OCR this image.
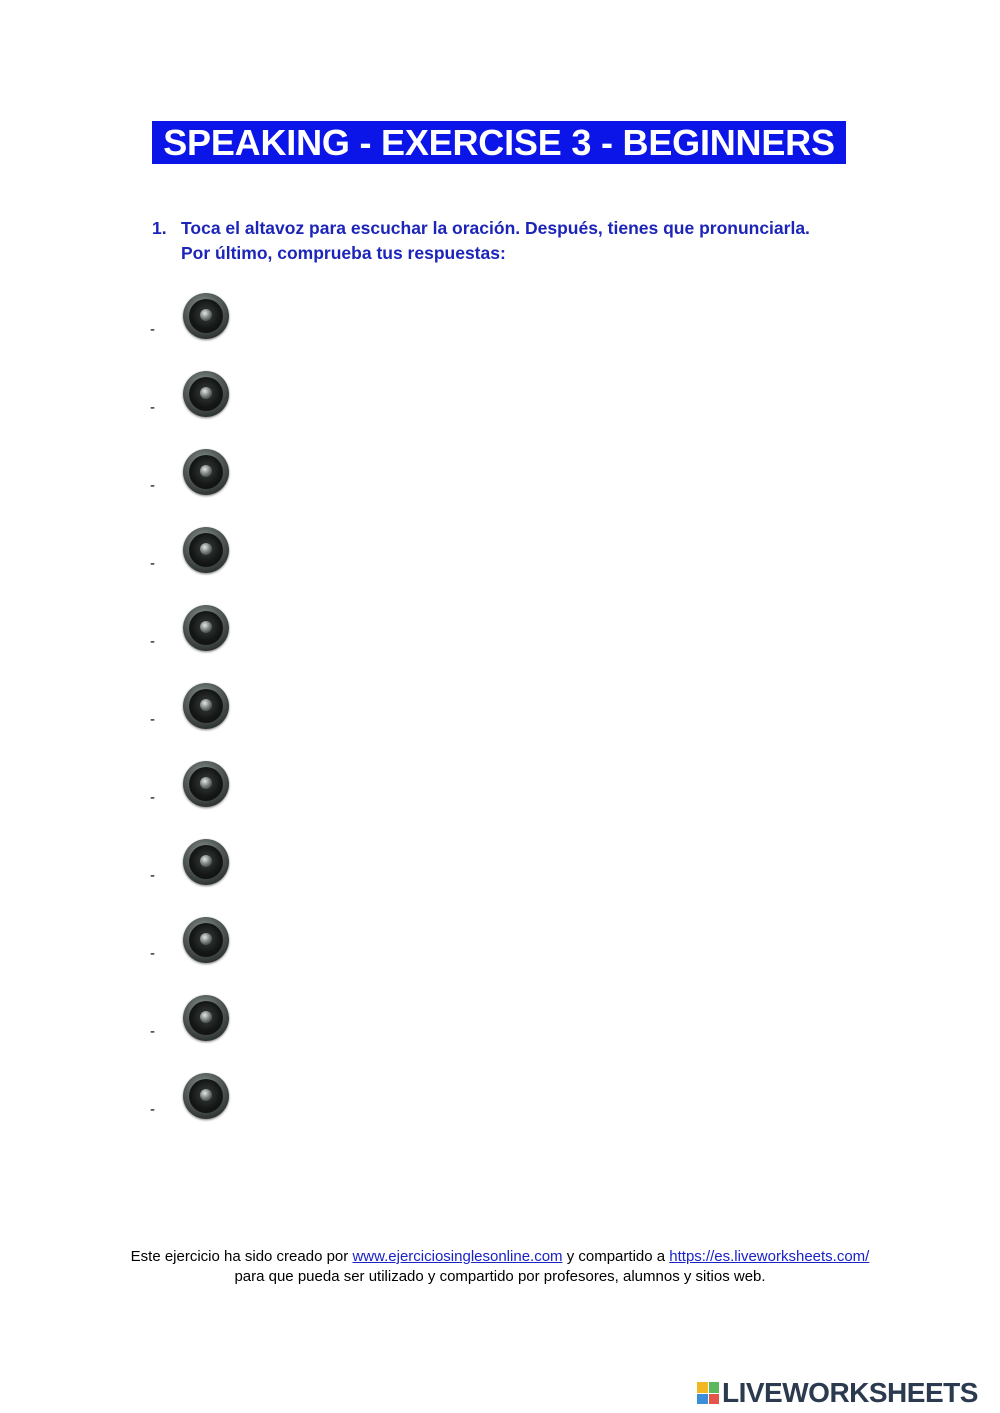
SPEAKING - EXERCISE 3 - BEGINNERS
1. Toca el altavoz para escuchar la oración. Después, tienes que pronunciarla.
Por último, comprueba tus respuestas:
-
-
-
-
-
-
-
-
-
-
-
Este ejercicio ha sido creado por www.ejerciciosinglesonline.com y compartido a https://es.liveworksheets.com/
para que pueda ser utilizado y compartido por profesores, alumnos y sitios web.
LIVEWORKSHEETS
